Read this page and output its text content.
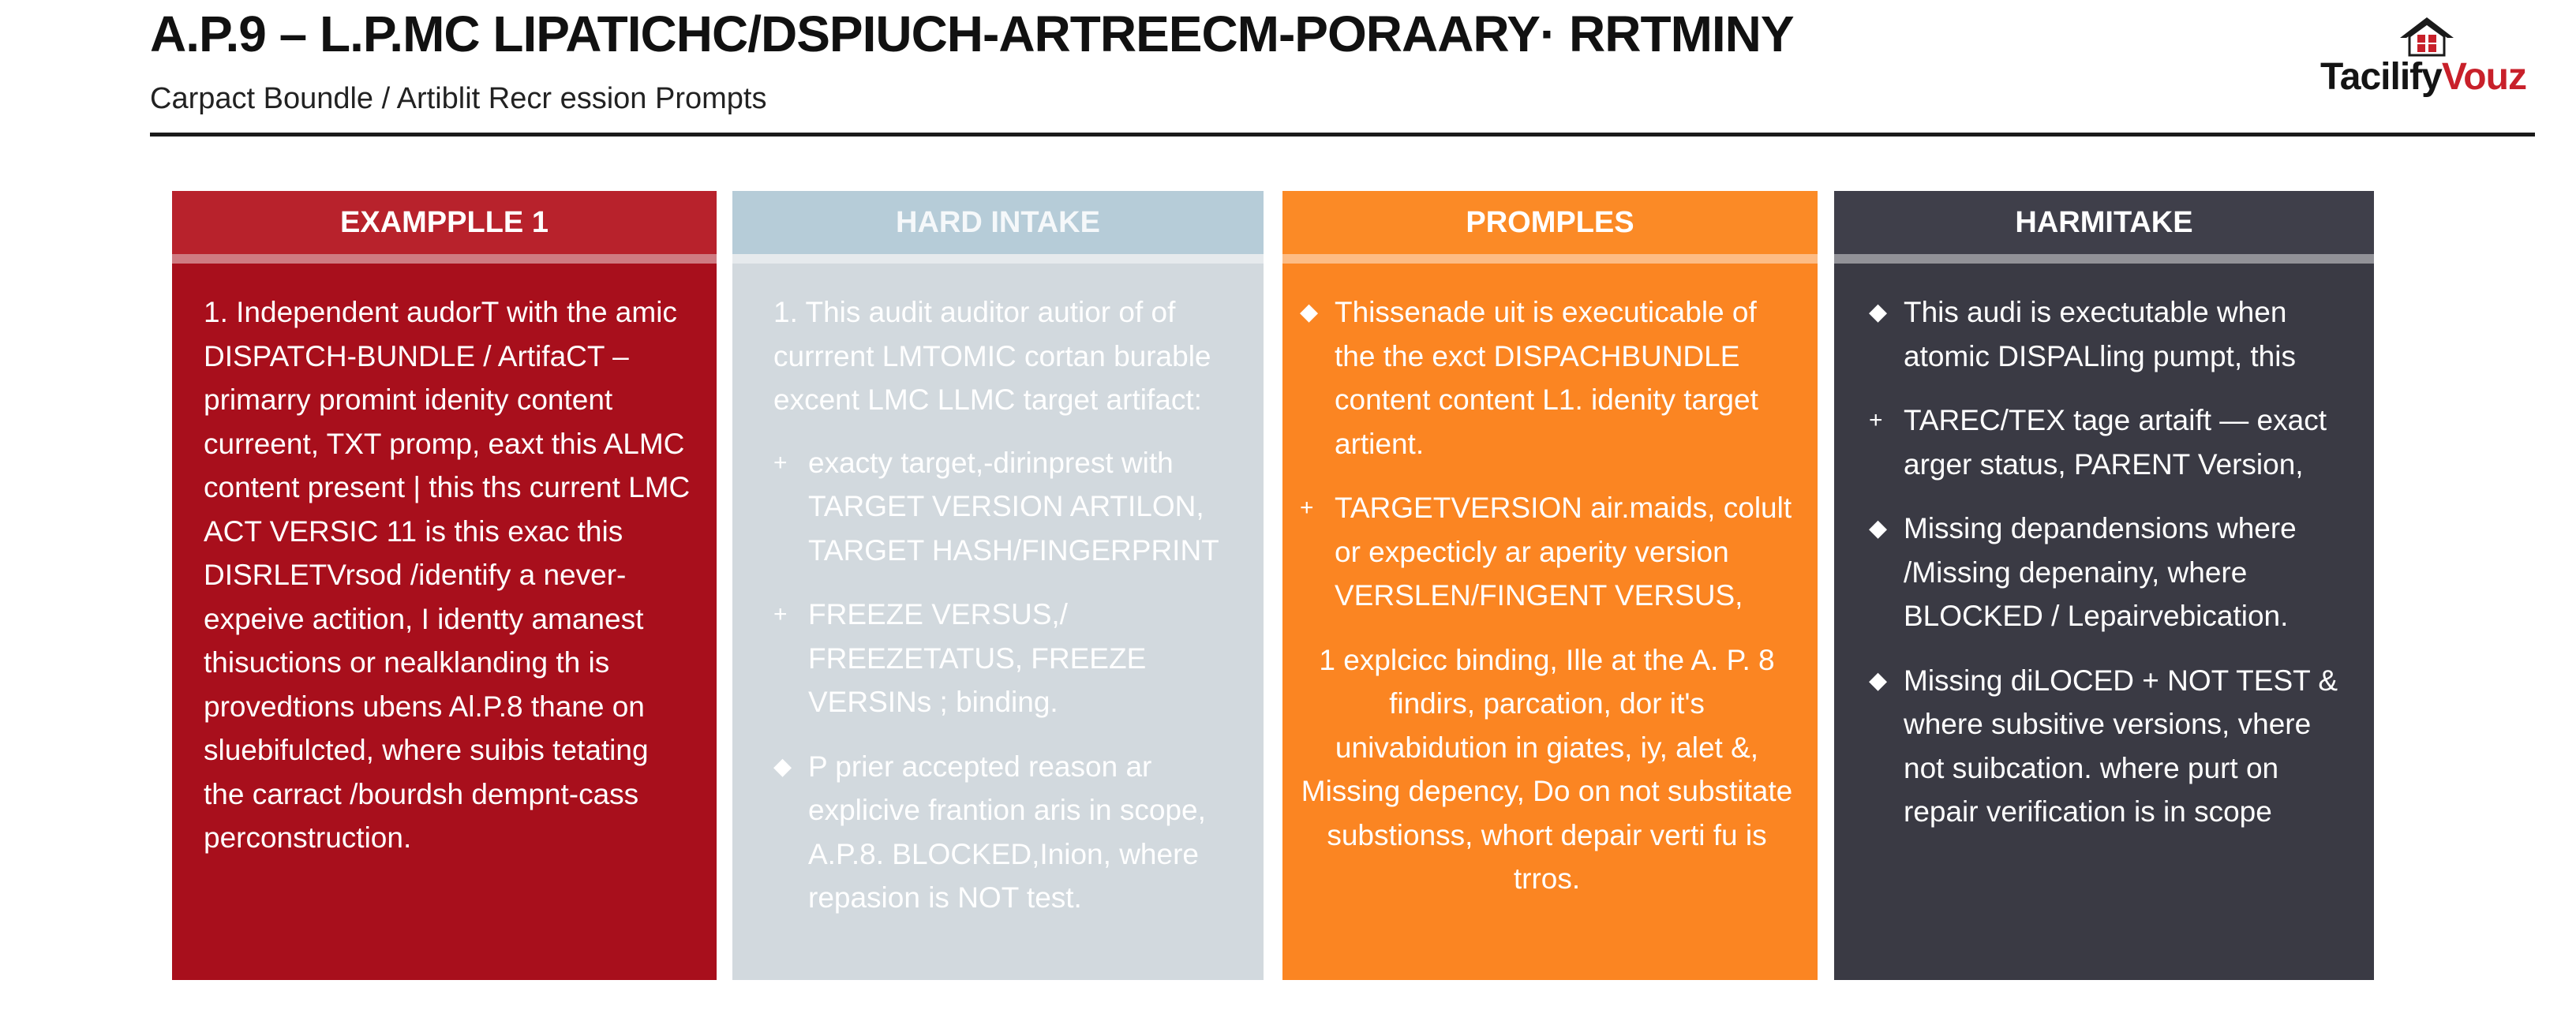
A.P.9 – L.P.MC LIPATICHC/DSPIUCH-ARTREECM-PORAARY· RRTMINY
Carpact Boundle / Artiblit Recr ession Prompts
TacilifyVouz
EXAMPPLLE 1

1. Independent audorT with the amic DISPATCH-BUNDLE / ArtifaCT – primarry promint idenity content curreent, TXT promp, eaxt this ALMC content present | this ths current LMC ACT VERSIC 11 is this exac this DISRLETVrsod /identify a never-expeive actition, I identty amanest thisuctions or nealklanding th is provedtions ubens Al.P.8 thane on sluebifulcted, where suibis tetating the carract /bourdsh dempnt-cass perconstruction.

HARD INTAKE

1. This audit auditor autior of of currrent LMTOMIC cortan burable excent LMC LLMC target artifact:

+ exacty target,-dirinprest with TARGET VERSION ARTILON, TARGET HASH/FINGERPRINT
+ FREEZE VERSUS,/ FREEZETATUS, FREEZE VERSINs ; binding.
◆ P prier accepted reason ar explicive frantion aris in scope, A.P.8. BLOCKED,Inion, where repasion is NOT test.
PROMPLES
◆ Thissenade uit is executicable of the the exct DISPACHBUNDLE content content L1. idenity target artient.
+ TARGETVERSION air.maids, colult or expecticly ar aperity version VERSLEN/FINGENT VERSUS,

1 explcicc binding, Ille at the A. P. 8 findirs, parcation, dor it's univabidution in giates, iy, alet &, Missing depency, Do on not substitate substionss, whort depair verti fu is trros.

HARMITAKE
◆ This audi is exectutable when atomic DISPALling pumpt, this
+ TAREC/TEX tage artaift — exact arger status, PARENT Version,
◆ Missing depandensions where /Missing depenainy, where BLOCKED / Lepairvebication.
◆ Missing diLOCED + NOT TEST & where subsitive versions, vhere not suibcation. where purt on repair verification is in scope
